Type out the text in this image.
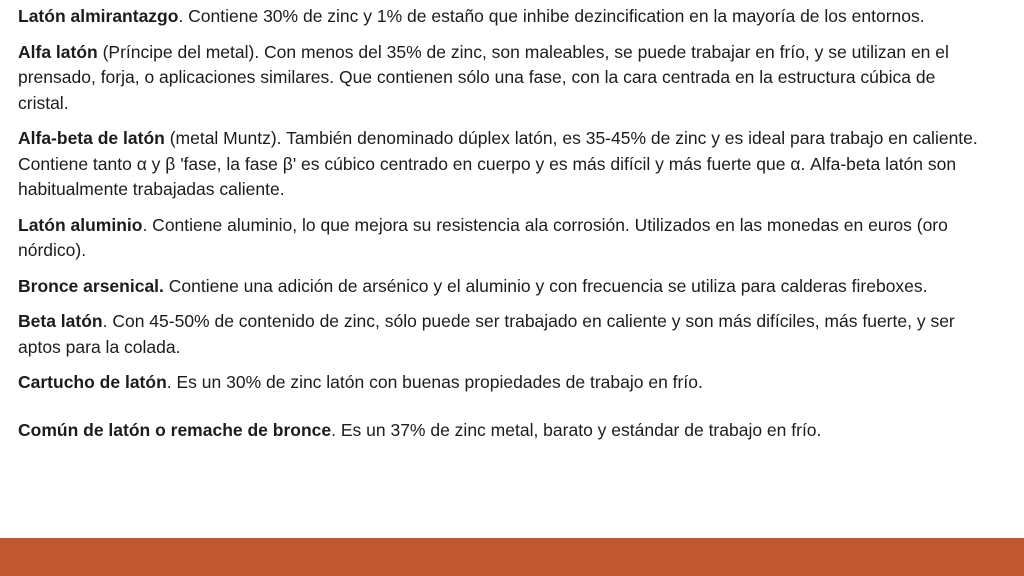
Latón almirantazgo. Contiene 30% de zinc y 1% de estaño que inhibe dezincification en la mayoría de los entornos.

Alfa latón (Príncipe del metal). Con menos del 35% de zinc, son maleables, se puede trabajar en frío, y se utilizan en el prensado, forja, o aplicaciones similares. Que contienen sólo una fase, con la cara centrada en la estructura cúbica de cristal.

Alfa-beta de latón (metal Muntz). También denominado dúplex latón, es 35-45% de zinc y es ideal para trabajo en caliente. Contiene tanto α y β 'fase, la fase β' es cúbico centrado en cuerpo y es más difícil y más fuerte que α. Alfa-beta latón son habitualmente trabajadas caliente.

Latón aluminio. Contiene aluminio, lo que mejora su resistencia ala corrosión. Utilizados en las monedas en euros (oro nórdico).

Bronce arsenical. Contiene una adición de arsénico y el aluminio y con frecuencia se utiliza para calderas fireboxes.

Beta latón. Con 45-50% de contenido de zinc, sólo puede ser trabajado en caliente y son más difíciles, más fuerte, y ser aptos para la colada.

Cartucho de latón. Es un 30% de zinc latón con buenas propiedades de trabajo en frío.

Común de latón o remache de bronce. Es un 37% de zinc metal, barato y estándar de trabajo en frío.
